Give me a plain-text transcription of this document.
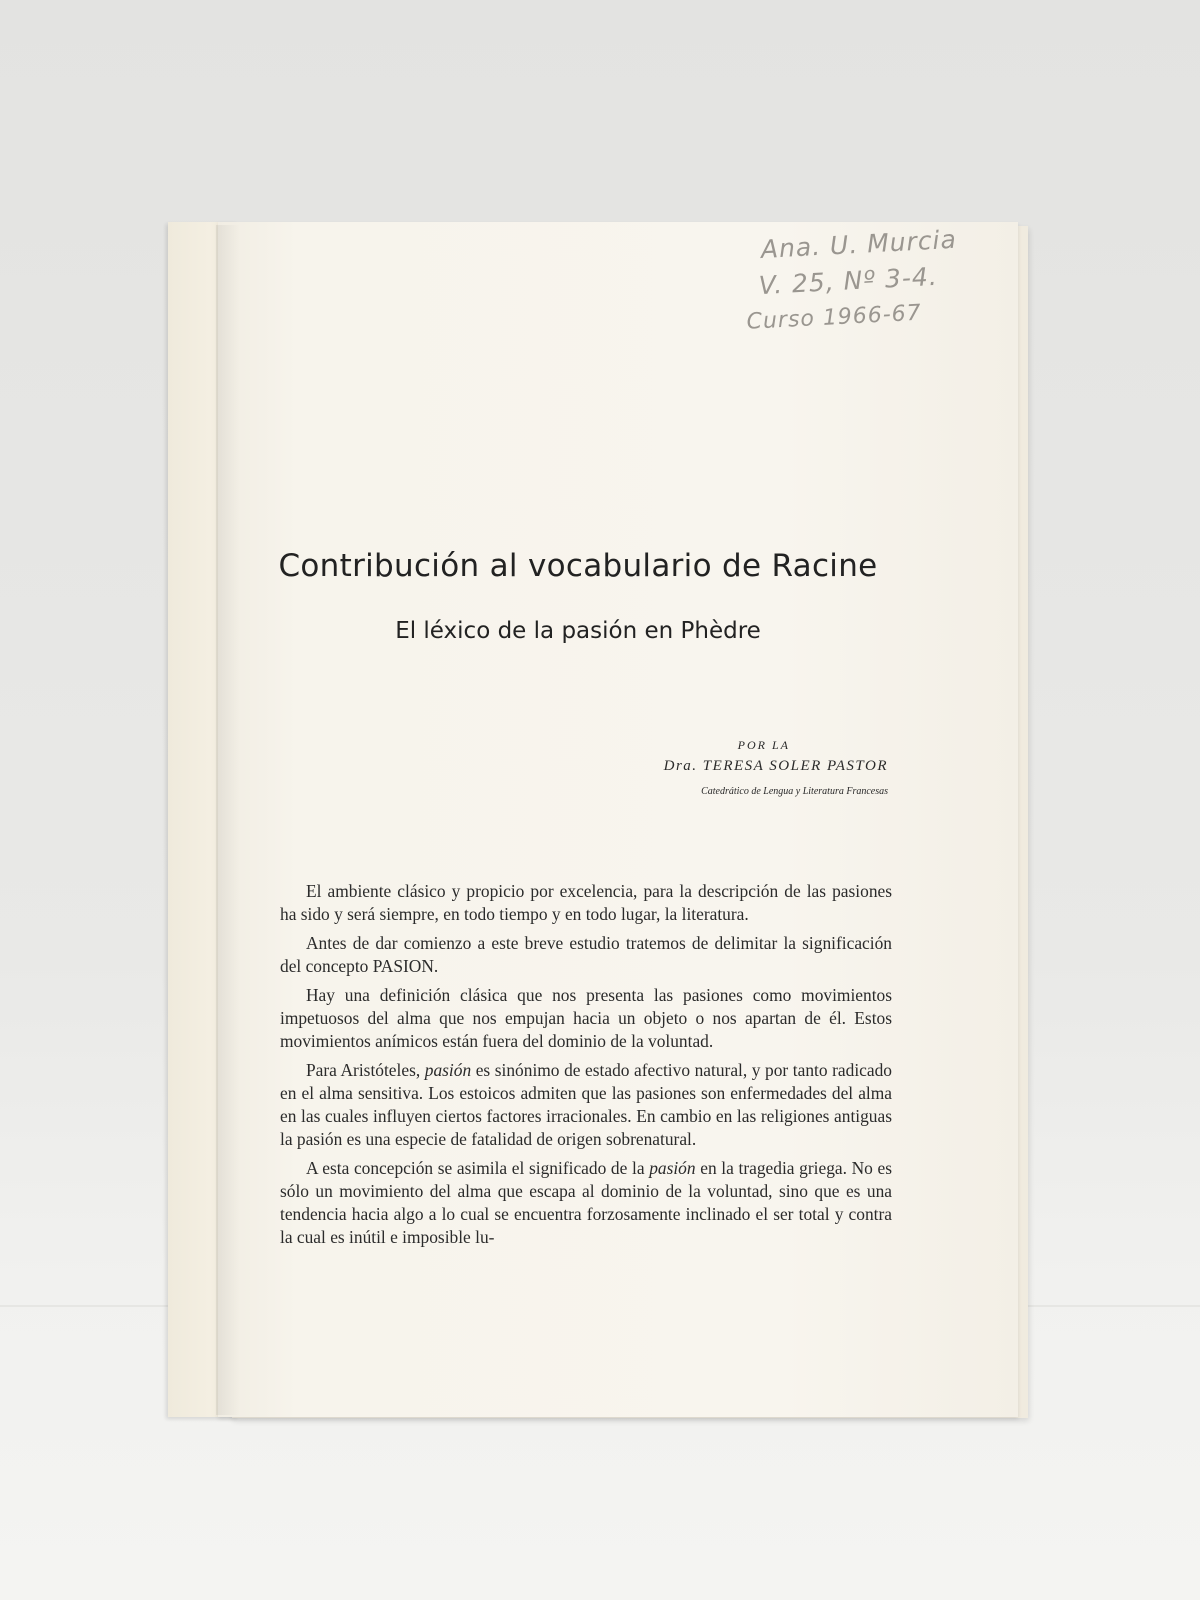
Ana. U. Murcia
V. 25, Nº 3-4.
Curso 1966-67
Contribución al vocabulario de Racine
El léxico de la pasión en Phèdre
POR LA
Dra. TERESA SOLER PASTOR
Catedrático de Lengua y Literatura Francesas

El ambiente clásico y propicio por excelencia, para la descripción de las pasiones ha sido y será siempre, en todo tiempo y en todo lugar, la literatura.

Antes de dar comienzo a este breve estudio tratemos de delimitar la significación del concepto PASION.

Hay una definición clásica que nos presenta las pasiones como movimientos impetuosos del alma que nos empujan hacia un objeto o nos apartan de él. Estos movimientos anímicos están fuera del dominio de la voluntad.

Para Aristóteles, pasión es sinónimo de estado afectivo natural, y por tanto radicado en el alma sensitiva. Los estoicos admiten que las pasiones son enfermedades del alma en las cuales influyen ciertos factores irracionales. En cambio en las religiones antiguas la pasión es una especie de fatalidad de origen sobrenatural.

A esta concepción se asimila el significado de la pasión en la tragedia griega. No es sólo un movimiento del alma que escapa al dominio de la voluntad, sino que es una tendencia hacia algo a lo cual se encuentra forzosamente inclinado el ser total y contra la cual es inútil e imposible lu-
